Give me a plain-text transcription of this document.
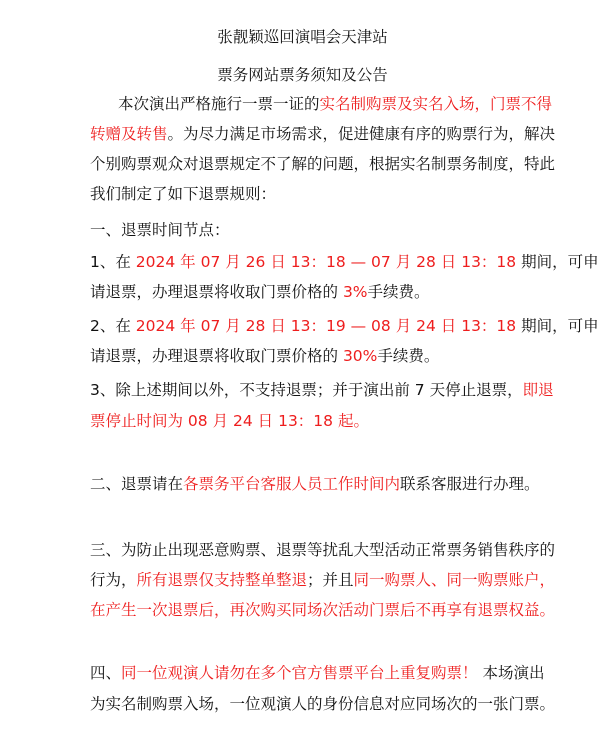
张靓颖巡回演唱会天津站
票务网站票务须知及公告
本次演出严格施行一票一证的实名制购票及实名入场，门票不得
转赠及转售。为尽力满足市场需求，促进健康有序的购票行为，解决
个别购票观众对退票规定不了解的问题，根据实名制票务制度，特此
我们制定了如下退票规则：
一、退票时间节点：
1、在 2024 年 07 月 26 日 13：18 — 07 月 28 日 13：18 期间，可申
请退票，办理退票将收取门票价格的 3%手续费。
2、在 2024 年 07 月 28 日 13：19 — 08 月 24 日 13：18 期间，可申
请退票，办理退票将收取门票价格的 30%手续费。
3、除上述期间以外，不支持退票；并于演出前 7 天停止退票，即退
票停止时间为 08 月 24 日 13：18 起。
二、退票请在各票务平台客服人员工作时间内联系客服进行办理。
三、为防止出现恶意购票、退票等扰乱大型活动正常票务销售秩序的
行为，所有退票仅支持整单整退；并且同一购票人、同一购票账户，
在产生一次退票后，再次购买同场次活动门票后不再享有退票权益。
四、同一位观演人请勿在多个官方售票平台上重复购票！ 本场演出
为实名制购票入场，一位观演人的身份信息对应同场次的一张门票。
